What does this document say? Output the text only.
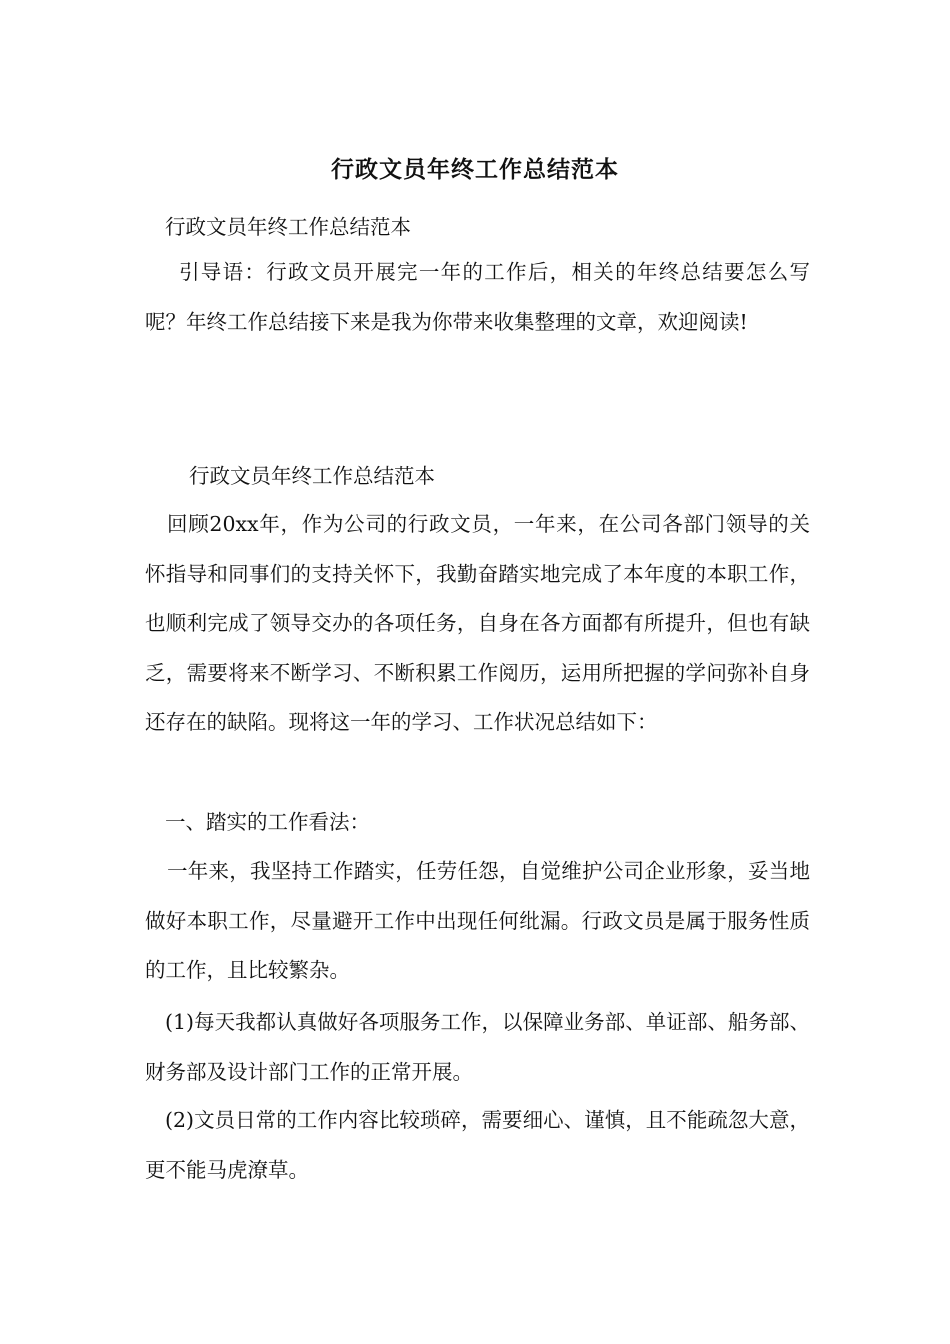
行政文员年终工作总结范本

行政文员年终工作总结范本

引导语：行政文员开展完一年的工作后，相关的年终总结要怎么写呢？年终工作总结接下来是我为你带来收集整理的文章，欢迎阅读!

行政文员年终工作总结范本

回顾20xx年，作为公司的行政文员，一年来，在公司各部门领导的关怀指导和同事们的支持关怀下，我勤奋踏实地完成了本年度的本职工作，也顺利完成了领导交办的各项任务，自身在各方面都有所提升，但也有缺乏，需要将来不断学习、不断积累工作阅历，运用所把握的学问弥补自身还存在的缺陷。现将这一年的学习、工作状况总结如下：

一、踏实的工作看法：

一年来，我坚持工作踏实，任劳任怨，自觉维护公司企业形象，妥当地做好本职工作，尽量避开工作中出现任何纰漏。行政文员是属于服务性质的工作，且比较繁杂。

(1)每天我都认真做好各项服务工作，以保障业务部、单证部、船务部、财务部及设计部门工作的正常开展。

(2)文员日常的工作内容比较琐碎，需要细心、谨慎，且不能疏忽大意，更不能马虎潦草。
